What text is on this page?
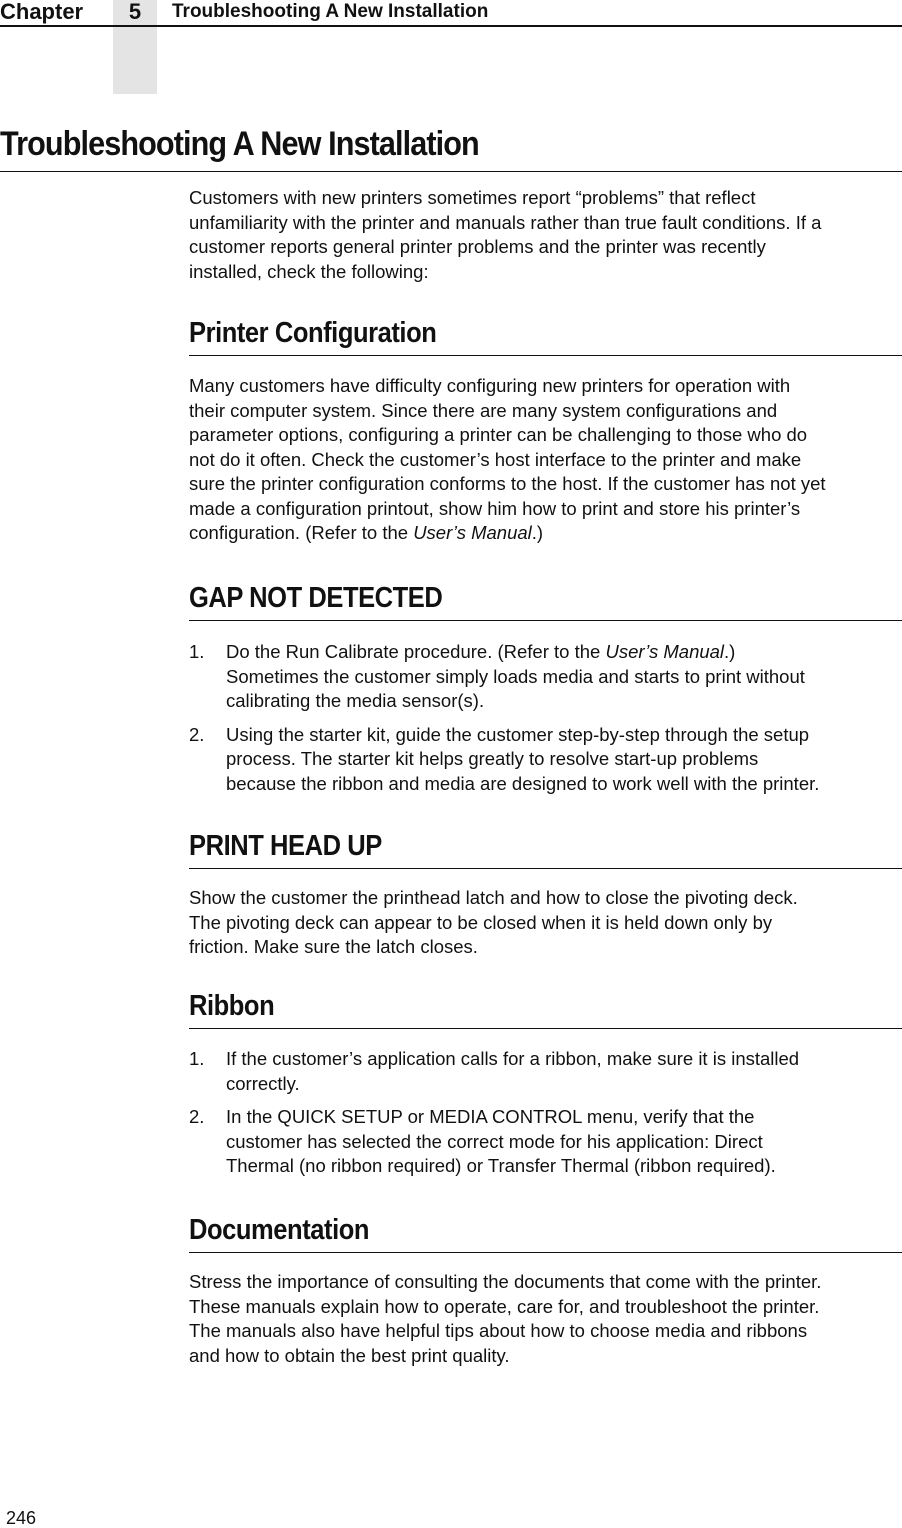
Chapter	5	Troubleshooting A New Installation
Troubleshooting A New Installation

Customers with new printers sometimes report “problems” that reflect

unfamiliarity with the printer and manuals rather than true fault conditions. If a

customer reports general printer problems and the printer was recently

installed, check the following:

Printer Configuration

Many customers have difficulty configuring new printers for operation with

their computer system. Since there are many system configurations and

parameter options, configuring a printer can be challenging to those who do

not do it often. Check the customer’s host interface to the printer and make

sure the printer configuration conforms to the host. If the customer has not yet

made a configuration printout, show him how to print and store his printer’s

configuration. (Refer to the User’s Manual.)

GAP NOT DETECTED
1. Do the Run Calibrate procedure. (Refer to the User’s Manual.)
Sometimes the customer simply loads media and starts to print without
calibrating the media sensor(s).
2. Using the starter kit, guide the customer step-by-step through the setup
process. The starter kit helps greatly to resolve start-up problems
because the ribbon and media are designed to work well with the printer.
PRINT HEAD UP

Show the customer the printhead latch and how to close the pivoting deck.

The pivoting deck can appear to be closed when it is held down only by

friction. Make sure the latch closes.

Ribbon
1. If the customer’s application calls for a ribbon, make sure it is installed
correctly.
2. In the QUICK SETUP or MEDIA CONTROL menu, verify that the
customer has selected the correct mode for his application: Direct
Thermal (no ribbon required) or Transfer Thermal (ribbon required).
Documentation

Stress the importance of consulting the documents that come with the printer.

These manuals explain how to operate, care for, and troubleshoot the printer.

The manuals also have helpful tips about how to choose media and ribbons

and how to obtain the best print quality.

246
